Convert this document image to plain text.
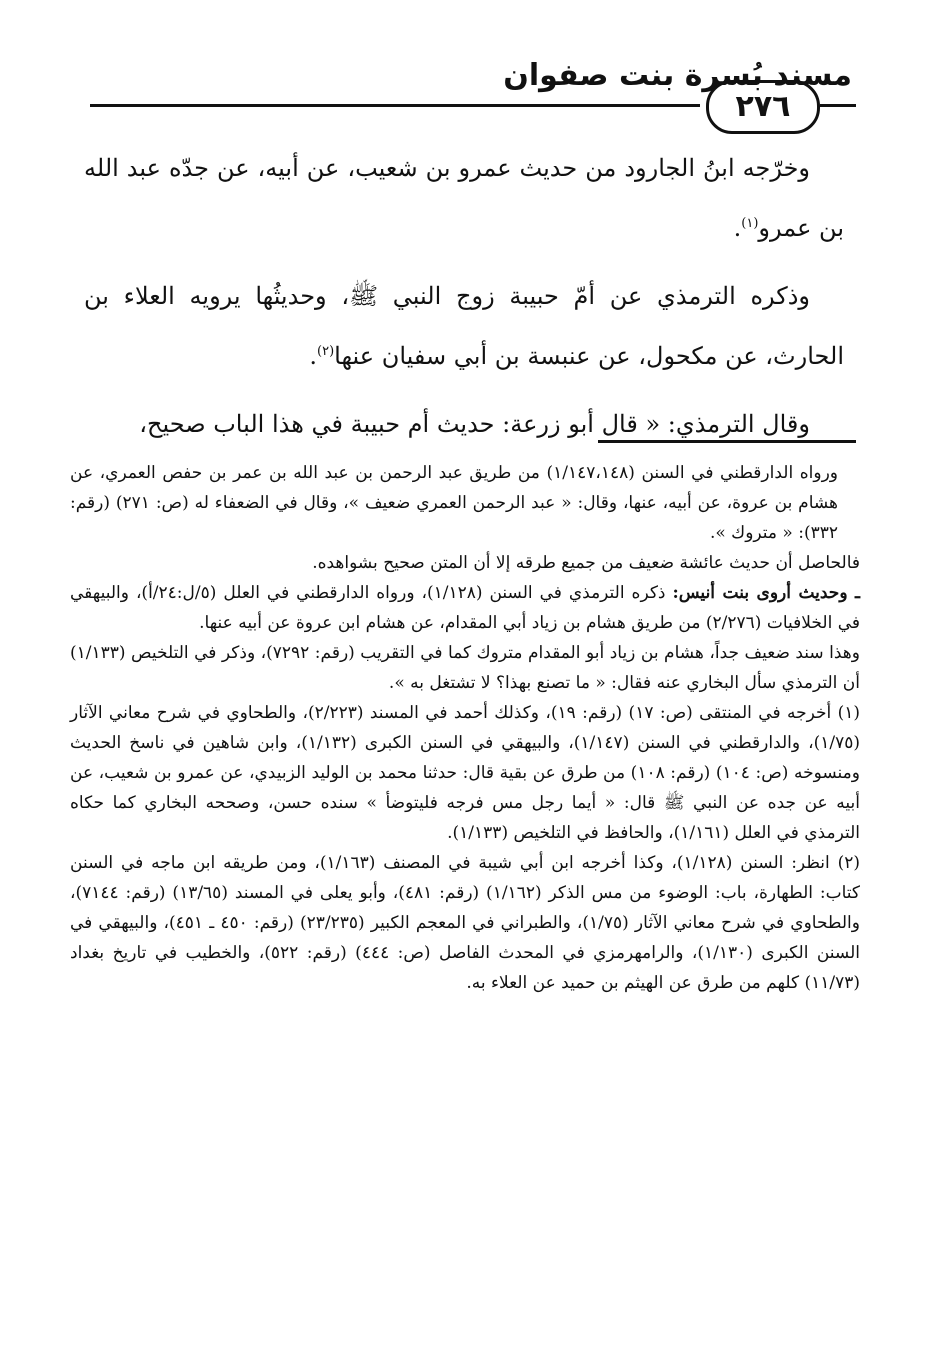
مسند بُسرة بنت صفوان
٢٧٦

وخرّجه ابنُ الجارود من حديث عمرو بن شعيب، عن أبيه، عن جدّه عبد الله بن عمرو$^{(١)}$.

وذكره الترمذي عن أمّ حبيبة زوج النبي ﷺ، وحديثُها يرويه العلاء بن الحارث، عن مكحول، عن عنبسة بن أبي سفيان عنها$^{(٢)}$.

وقال الترمذي: « قال أبو زرعة: حديث أم حبيبة في هذا الباب صحيح،

ورواه الدارقطني في السنن (١/١٤٧،١٤٨) من طريق عبد الرحمن بن عبد الله بن عمر بن حفص العمري، عن هشام بن عروة، عن أبيه، عنها، وقال: « عبد الرحمن العمري ضعيف »، وقال في الضعفاء له (ص: ٢٧١) (رقم: ٣٣٢): « متروك ».

فالحاصل أن حديث عائشة ضعيف من جميع طرقه إلا أن المتن صحيح بشواهده.

ـ وحديث أروى بنت أنيس: ذكره الترمذي في السنن (١/١٢٨)، ورواه الدارقطني في العلل (٥/ل:٢٤/أ)، والبيهقي في الخلافيات (٢/٢٧٦) من طريق هشام بن زياد أبي المقدام، عن هشام ابن عروة عن أبيه عنها.

وهذا سند ضعيف جداً، هشام بن زياد أبو المقدام متروك كما في التقريب (رقم: ٧٢٩٢)، وذكر في التلخيص (١/١٣٣) أن الترمذي سأل البخاري عنه فقال: « ما تصنع بهذا؟ لا تشتغل به ».

(١) أخرجه في المنتقى (ص: ١٧) (رقم: ١٩)، وكذلك أحمد في المسند (٢/٢٢٣)، والطحاوي في شرح معاني الآثار (١/٧٥)، والدارقطني في السنن (١/١٤٧)، والبيهقي في السنن الكبرى (١/١٣٢)، وابن شاهين في ناسخ الحديث ومنسوخه (ص: ١٠٤) (رقم: ١٠٨) من طرق عن بقية قال: حدثنا محمد بن الوليد الزبيدي، عن عمرو بن شعيب، عن أبيه عن جده عن النبي ﷺ قال: « أيما رجل مس فرجه فليتوضأ » سنده حسن، وصححه البخاري كما حكاه الترمذي في العلل (١/١٦١)، والحافظ في التلخيص (١/١٣٣).

(٢) انظر: السنن (١/١٢٨)، وكذا أخرجه ابن أبي شيبة في المصنف (١/١٦٣)، ومن طريقه ابن ماجه في السنن كتاب: الطهارة، باب: الوضوء من مس الذكر (١/١٦٢) (رقم: ٤٨١)، وأبو يعلى في المسند (١٣/٦٥) (رقم: ٧١٤٤)، والطحاوي في شرح معاني الآثار (١/٧٥)، والطبراني في المعجم الكبير (٢٣/٢٣٥) (رقم: ٤٥٠ ـ ٤٥١)، والبيهقي في السنن الكبرى (١/١٣٠)، والرامهرمزي في المحدث الفاصل (ص: ٤٤٤) (رقم: ٥٢٢)، والخطيب في تاريخ بغداد (١١/٧٣) كلهم من طرق عن الهيثم بن حميد عن العلاء به.
